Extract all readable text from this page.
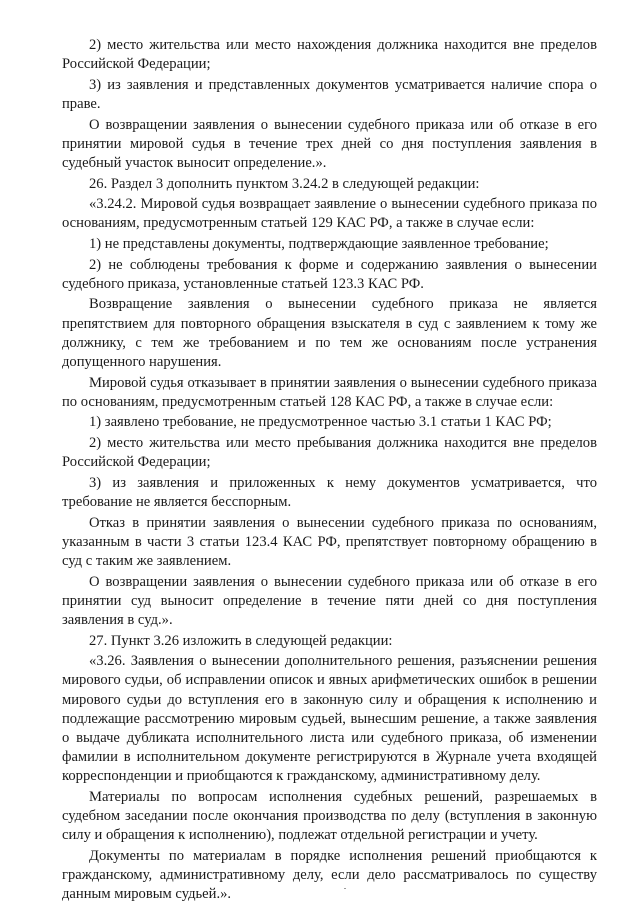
2) место жительства или место нахождения должника находится вне пределов Российской Федерации;

3) из заявления и представленных документов усматривается наличие спора о праве.

О возвращении заявления о вынесении судебного приказа или об отказе в его принятии мировой судья в течение трех дней со дня поступления заявления в судебный участок выносит определение.».

26. Раздел 3 дополнить пунктом 3.24.2 в следующей редакции:

«3.24.2. Мировой судья возвращает заявление о вынесении судебного приказа по основаниям, предусмотренным статьей 129 КАС РФ, а также в случае если:

1) не представлены документы, подтверждающие заявленное требование;

2) не соблюдены требования к форме и содержанию заявления о вынесении судебного приказа, установленные статьей 123.3 КАС РФ.

Возвращение заявления о вынесении судебного приказа не является препятствием для повторного обращения взыскателя в суд с заявлением к тому же должнику, с тем же требованием и по тем же основаниям после устранения допущенного нарушения.

Мировой судья отказывает в принятии заявления о вынесении судебного приказа по основаниям, предусмотренным статьей 128 КАС РФ, а также в случае если:

1) заявлено требование, не предусмотренное частью 3.1 статьи 1 КАС РФ;

2) место жительства или место пребывания должника находится вне пределов Российской Федерации;

3) из заявления и приложенных к нему документов усматривается, что требование не является бесспорным.

Отказ в принятии заявления о вынесении судебного приказа по основаниям, указанным в части 3 статьи 123.4 КАС РФ, препятствует повторному обращению в суд с таким же заявлением.

О возвращении заявления о вынесении судебного приказа или об отказе в его принятии суд выносит определение в течение пяти дней со дня поступления заявления в суд.».

27. Пункт 3.26 изложить в следующей редакции:

«3.26. Заявления о вынесении дополнительного решения, разъяснении решения мирового судьи, об исправлении описок и явных арифметических ошибок в решении мирового судьи до вступления его в законную силу и обращения к исполнению и подлежащие рассмотрению мировым судьей, вынесшим решение, а также заявления о выдаче дубликата исполнительного листа или судебного приказа, об изменении фамилии в исполнительном документе регистрируются в Журнале учета входящей корреспонденции и приобщаются к гражданскому, административному делу.

Материалы по вопросам исполнения судебных решений, разрешаемых в судебном заседании после окончания производства по делу (вступления в законную силу и обращения к исполнению), подлежат отдельной регистрации и учету.

Документы по материалам в порядке исполнения решений приобщаются к гражданскому, административному делу, если дело рассматривалось по существу данным мировым судьей.».
